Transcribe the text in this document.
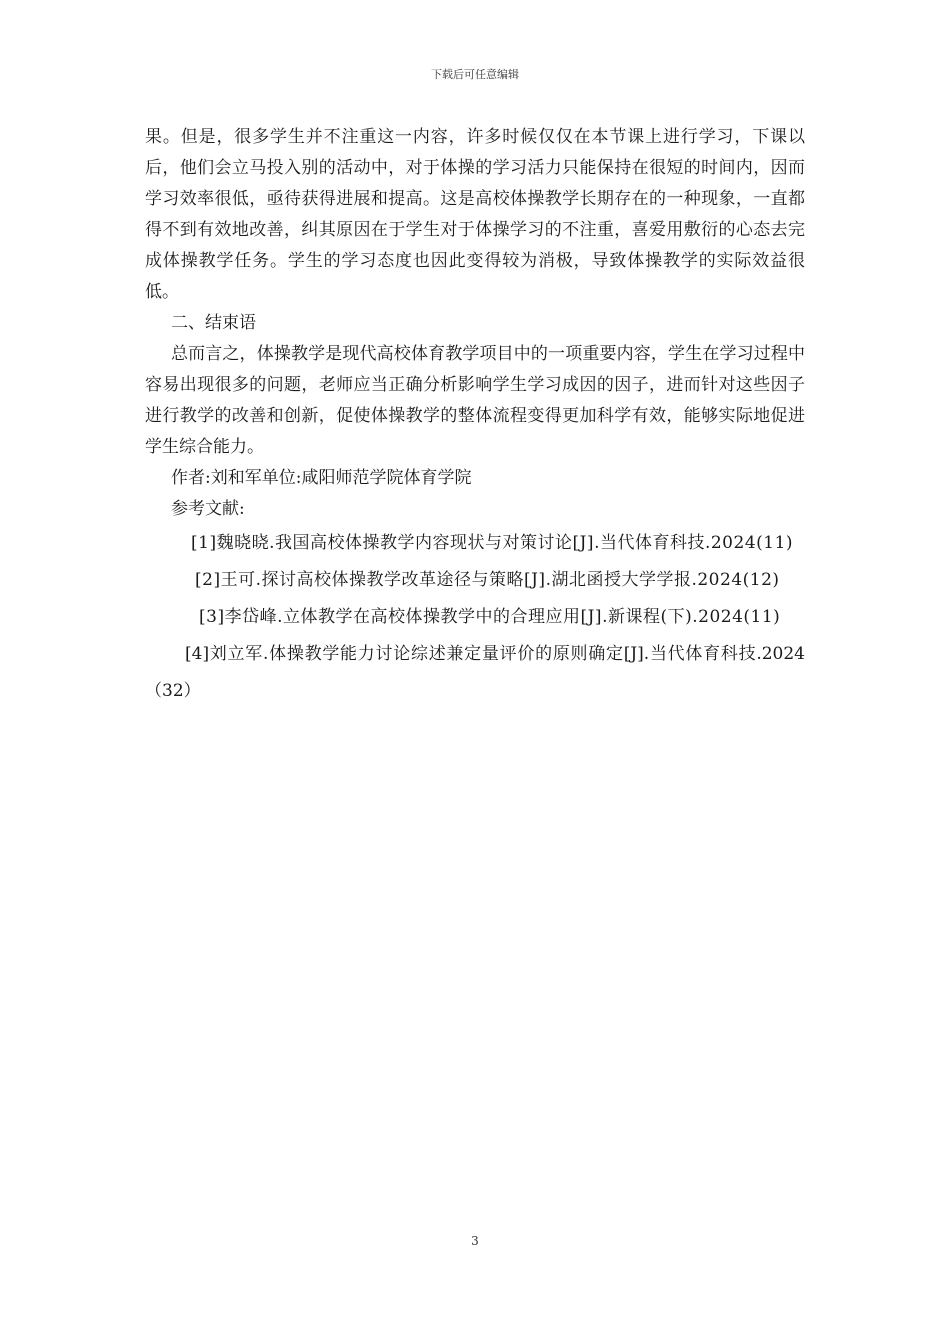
下载后可任意编辑

果。但是，很多学生并不注重这一内容，许多时候仅仅在本节课上进行学习，下课以后，他们会立马投入别的活动中，对于体操的学习活力只能保持在很短的时间内，因而学习效率很低，亟待获得进展和提高。这是高校体操教学长期存在的一种现象，一直都得不到有效地改善，纠其原因在于学生对于体操学习的不注重，喜爱用敷衍的心态去完成体操教学任务。学生的学习态度也因此变得较为消极，导致体操教学的实际效益很低。

二、结束语

总而言之，体操教学是现代高校体育教学项目中的一项重要内容，学生在学习过程中容易出现很多的问题，老师应当正确分析影响学生学习成因的因子，进而针对这些因子进行教学的改善和创新，促使体操教学的整体流程变得更加科学有效，能够实际地促进学生综合能力。

作者:刘和军单位:咸阳师范学院体育学院

参考文献:

[1]魏晓晓.我国高校体操教学内容现状与对策讨论[J].当代体育科技.2024(11)

[2]王可.探讨高校体操教学改革途径与策略[J].湖北函授大学学报.2024(12)

[3]李岱峰.立体教学在高校体操教学中的合理应用[J].新课程(下).2024(11)

[4]刘立军.体操教学能力讨论综述兼定量评价的原则确定[J].当代体育科技.2024（32）

3
